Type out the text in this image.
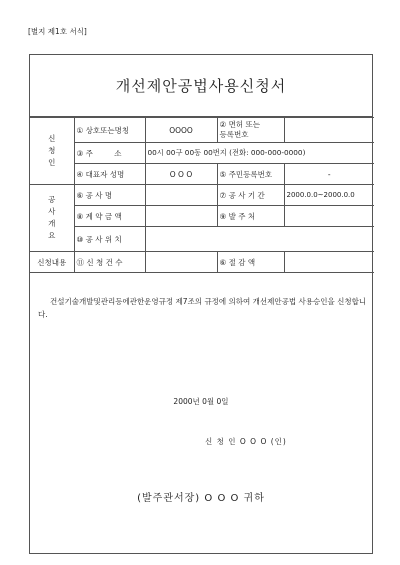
[별지 제1호 서식]
개선제안공법사용신청서
신청인	① 상호또는명칭	OOOO	② 면허 또는
등록번호	
	③ 주         소	00시 00구 00동 00번지 (전화: 000-000-0000)		
	④ 대표자 성명	O O O	⑤ 주민등록번호	-
공사개요	⑥ 공 사 명		⑦ 공 사 기 간	2000.0.0~2000.0.0
	⑧ 계 약 금 액		⑨ 발 주 처	
	⑩ 공 사 위 치			
신청내용	⑪ 신 청 건 수		⑥ 절 감 액	
건설기술개발및관리등에관한운영규정 제7조의 규정에 의하여 개선제안공법 사용승인을 신청합니다.
2000년 0월 0일
신 청 인 O O O (인)
(발주관서장) O O O 귀하
